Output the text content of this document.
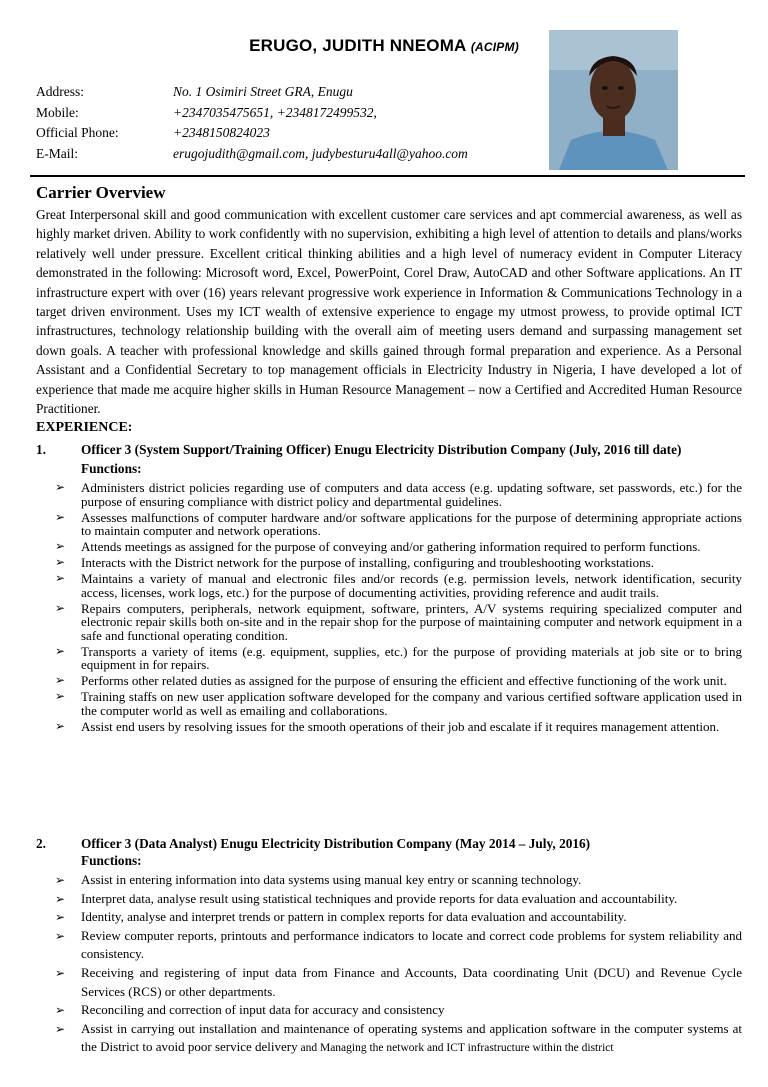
ERUGO, JUDITH NNEOMA (ACIPM)
Address:	No. 1 Osimiri Street GRA, Enugu
Mobile:	+2347035475651, +2348172499532,
Official Phone:	+2348150824023
E-Mail:	erugojudith@gmail.com, judybesturu4all@yahoo.com
Carrier Overview
Great Interpersonal skill and good communication with excellent customer care services and apt commercial awareness, as well as highly market driven. Ability to work confidently with no supervision, exhibiting a high level of attention to details and plans/works relatively well under pressure. Excellent critical thinking abilities and a high level of numeracy evident in Computer Literacy demonstrated in the following: Microsoft word, Excel, PowerPoint, Corel Draw, AutoCAD and other Software applications. An IT infrastructure expert with over (16) years relevant progressive work experience in Information & Communications Technology in a target driven environment. Uses my ICT wealth of extensive experience to engage my utmost prowess, to provide optimal ICT infrastructures, technology relationship building with the overall aim of meeting users demand and surpassing management set down goals. A teacher with professional knowledge and skills gained through formal preparation and experience. As a Personal Assistant and a Confidential Secretary to top management officials in Electricity Industry in Nigeria, I have developed a lot of experience that made me acquire higher skills in Human Resource Management – now a Certified and Accredited Human Resource Practitioner.
EXPERIENCE:
1.	Officer 3 (System Support/Training Officer) Enugu Electricity Distribution Company (July, 2016 till date)
Functions:
➢ Administers district policies regarding use of computers and data access (e.g. updating software, set passwords, etc.) for the purpose of ensuring compliance with district policy and departmental guidelines.
➢ Assesses malfunctions of computer hardware and/or software applications for the purpose of determining appropriate actions to maintain computer and network operations.
➢ Attends meetings as assigned for the purpose of conveying and/or gathering information required to perform functions.
➢ Interacts with the District network for the purpose of installing, configuring and troubleshooting workstations.
➢ Maintains a variety of manual and electronic files and/or records (e.g. permission levels, network identification, security access, licenses, work logs, etc.) for the purpose of documenting activities, providing reference and audit trails.
➢ Repairs computers, peripherals, network equipment, software, printers, A/V systems requiring specialized computer and electronic repair skills both on-site and in the repair shop for the purpose of maintaining computer and network equipment in a safe and functional operating condition.
➢ Transports a variety of items (e.g. equipment, supplies, etc.) for the purpose of providing materials at job site or to bring equipment in for repairs.
➢ Performs other related duties as assigned for the purpose of ensuring the efficient and effective functioning of the work unit.
➢ Training staffs on new user application software developed for the company and various certified software application used in the computer world as well as emailing and collaborations.
➢ Assist end users by resolving issues for the smooth operations of their job and escalate if it requires management attention.
2.	Officer 3 (Data Analyst) Enugu Electricity Distribution Company (May 2014 – July, 2016)
Functions:
➢ Assist in entering information into data systems using manual key entry or scanning technology.
➢ Interpret data, analyse result using statistical techniques and provide reports for data evaluation and accountability.
➢ Identity, analyse and interpret trends or pattern in complex reports for data evaluation and accountability.
➢ Review computer reports, printouts and performance indicators to locate and correct code problems for system reliability and consistency.
➢ Receiving and registering of input data from Finance and Accounts, Data coordinating Unit (DCU) and Revenue Cycle Services (RCS) or other departments.
➢ Reconciling and correction of input data for accuracy and consistency
➢ Assist in carrying out installation and maintenance of operating systems and application software in the computer systems at the District to avoid poor service delivery and Managing the network and ICT infrastructure within the district
